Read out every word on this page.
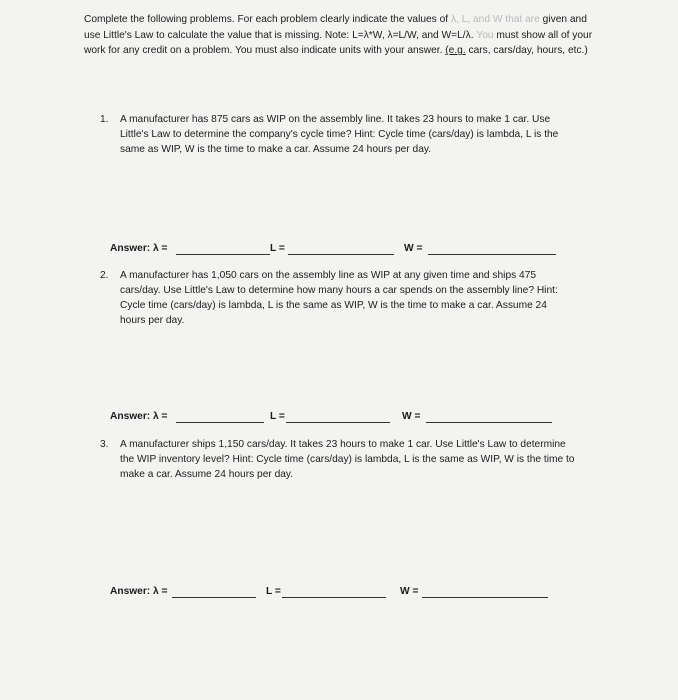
Complete the following problems. For each problem clearly indicate the values of λ, L, and W that are given and use Little's Law to calculate the value that is missing. Note: L=λ*W, λ=L/W, and W=L/λ. You must show all of your work for any credit on a problem. You must also indicate units with your answer. (e.g. cars, cars/day, hours, etc.)
1. A manufacturer has 875 cars as WIP on the assembly line. It takes 23 hours to make 1 car. Use Little's Law to determine the company's cycle time? Hint: Cycle time (cars/day) is lambda, L is the same as WIP, W is the time to make a car. Assume 24 hours per day.
Answer: λ =	L =	W =
2. A manufacturer has 1,050 cars on the assembly line as WIP at any given time and ships 475 cars/day. Use Little's Law to determine how many hours a car spends on the assembly line? Hint: Cycle time (cars/day) is lambda, L is the same as WIP, W is the time to make a car. Assume 24 hours per day.
Answer: λ =	L =	W =
3. A manufacturer ships 1,150 cars/day. It takes 23 hours to make 1 car. Use Little's Law to determine the WIP inventory level? Hint: Cycle time (cars/day) is lambda, L is the same as WIP, W is the time to make a car. Assume 24 hours per day.
Answer: λ =	L =	W =
